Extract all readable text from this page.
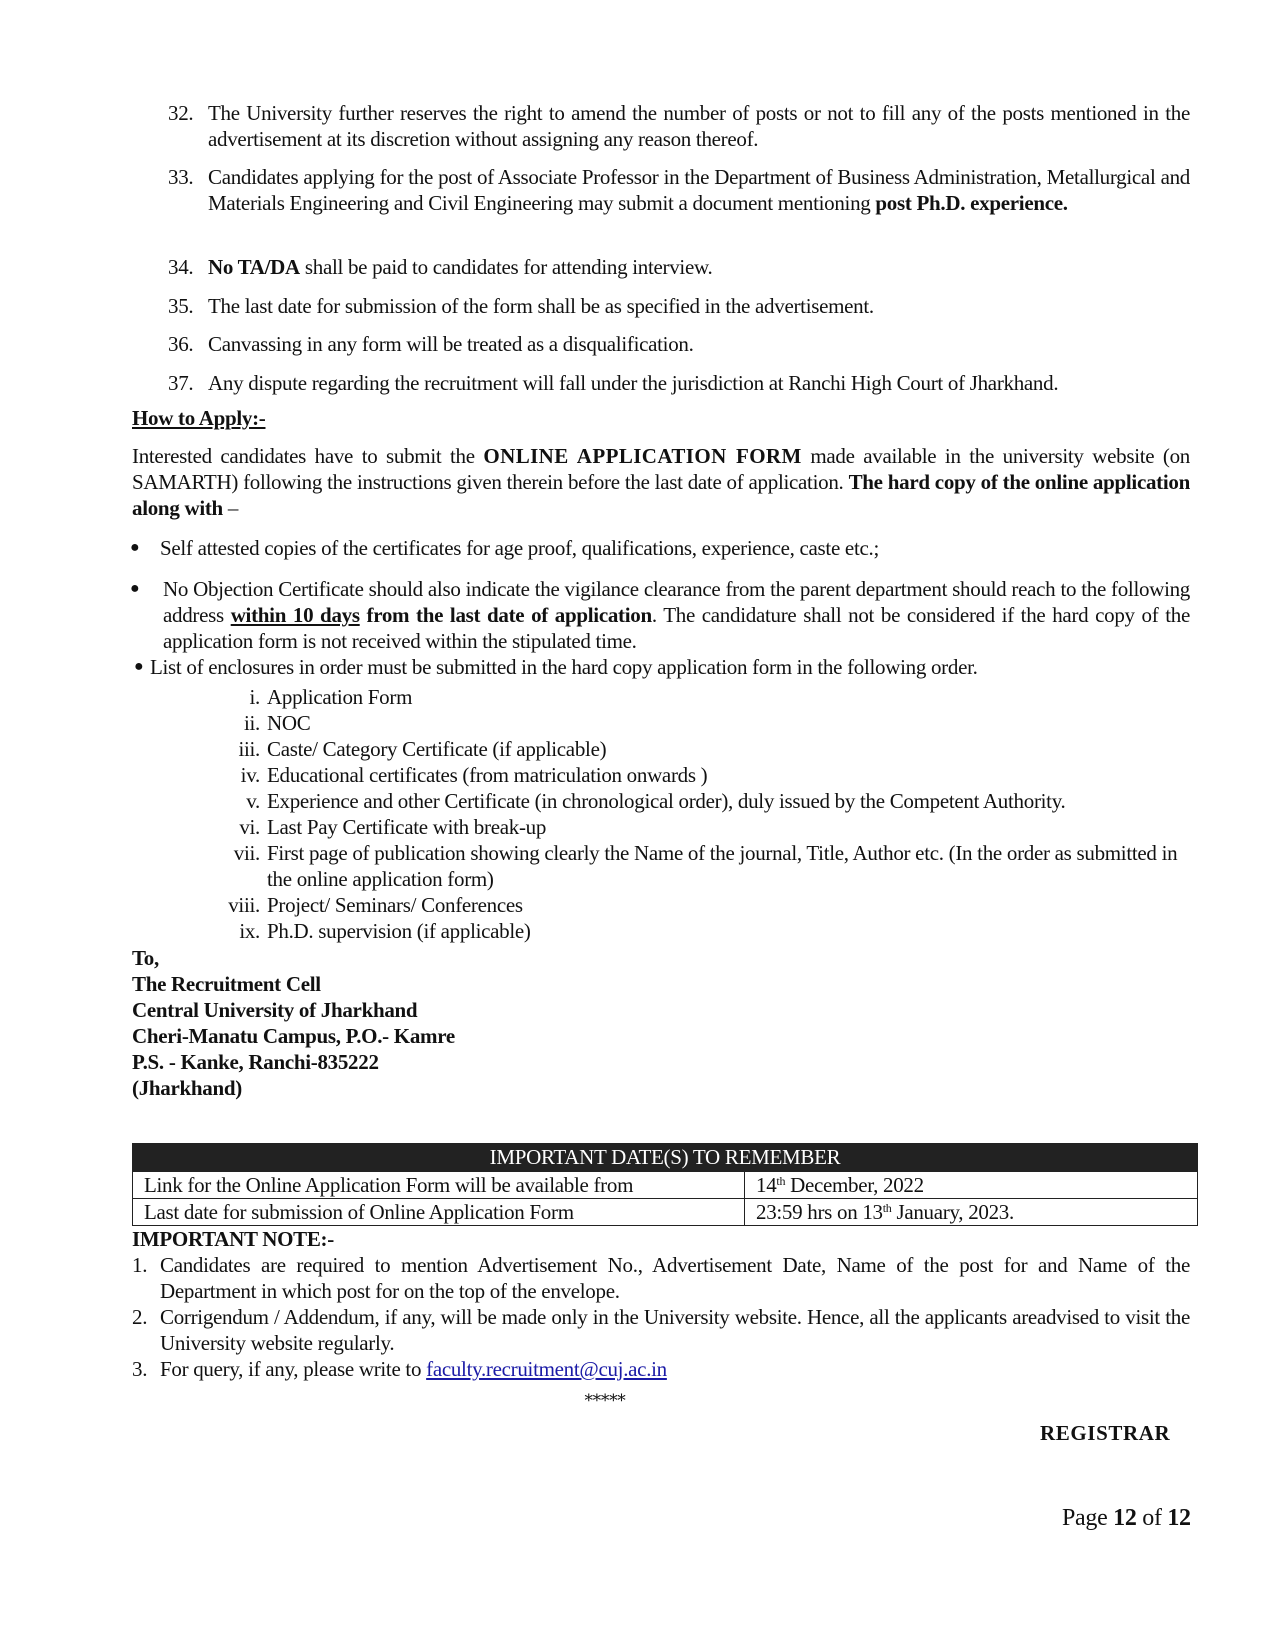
32. The University further reserves the right to amend the number of posts or not to fill any of the posts mentioned in the advertisement at its discretion without assigning any reason thereof.
33. Candidates applying for the post of Associate Professor in the Department of Business Administration, Metallurgical and Materials Engineering and Civil Engineering may submit a document mentioning post Ph.D. experience.
34. No TA/DA shall be paid to candidates for attending interview.
35. The last date for submission of the form shall be as specified in the advertisement.
36. Canvassing in any form will be treated as a disqualification.
37. Any dispute regarding the recruitment will fall under the jurisdiction at Ranchi High Court of Jharkhand.
How to Apply:-
Interested candidates have to submit the ONLINE APPLICATION FORM made available in the university website (on SAMARTH) following the instructions given therein before the last date of application. The hard copy of the online application along with –
● Self attested copies of the certificates for age proof, qualifications, experience, caste etc.;
● No Objection Certificate should also indicate the vigilance clearance from the parent department should reach to the following address within 10 days from the last date of application. The candidature shall not be considered if the hard copy of the application form is not received within the stipulated time.
● List of enclosures in order must be submitted in the hard copy application form in the following order.
i. Application Form
ii. NOC
iii. Caste/ Category Certificate (if applicable)
iv. Educational certificates (from matriculation onwards )
v. Experience and other Certificate (in chronological order), duly issued by the Competent Authority.
vi. Last Pay Certificate with break-up
vii. First page of publication showing clearly the Name of the journal, Title, Author etc. (In the order as submitted in the online application form)
viii. Project/ Seminars/ Conferences
ix. Ph.D. supervision (if applicable)
To,
The Recruitment Cell
Central University of Jharkhand
Cheri-Manatu Campus, P.O.- Kamre
P.S. - Kanke, Ranchi-835222
(Jharkhand)
IMPORTANT DATE(S) TO REMEMBER	
Link for the Online Application Form will be available from	14th December, 2022
Last date for submission of Online Application Form	23:59 hrs on 13th January, 2023.
IMPORTANT NOTE:-
1. Candidates are required to mention Advertisement No., Advertisement Date, Name of the post for and Name of the Department in which post for on the top of the envelope.
2. Corrigendum / Addendum, if any, will be made only in the University website. Hence, all the applicants areadvised to visit the University website regularly.
3. For query, if any, please write to faculty.recruitment@cuj.ac.in
*****
REGISTRAR
Page 12 of 12
